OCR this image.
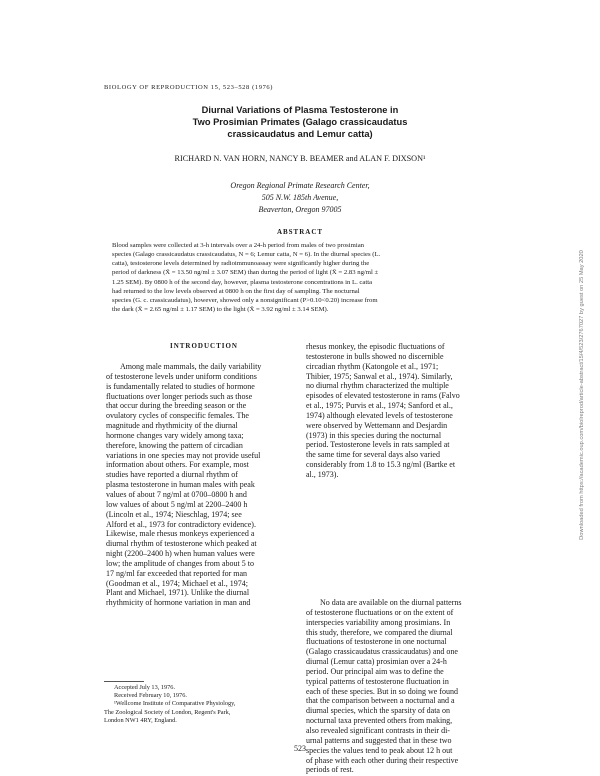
BIOLOGY OF REPRODUCTION 15, 523–528 (1976)
Diurnal Variations of Plasma Testosterone in
Two Prosimian Primates (Galago crassicaudatus
crassicaudatus and Lemur catta)
RICHARD N. VAN HORN, NANCY B. BEAMER and ALAN F. DIXSON¹
Oregon Regional Primate Research Center,
505 N.W. 185th Avenue,
Beaverton, Oregon 97005
ABSTRACT
Blood samples were collected at 3-h intervals over a 24-h period from males of two prosimian
species (Galago crassicaudatus crassicaudatus, N = 6; Lemur catta, N = 6). In the diurnal species (L.
catta), testosterone levels determined by radioimmunoassay were significantly higher during the
period of darkness (X̄ = 13.50 ng/ml ± 3.07 SEM) than during the period of light (X̄ = 2.83 ng/ml ±
1.25 SEM). By 0800 h of the second day, however, plasma testosterone concentrations in L. catta
had returned to the low levels observed at 0800 h on the first day of sampling. The nocturnal
species (G. c. crassicaudatus), however, showed only a nonsignificant (P>0.10<0.20) increase from
the dark (X̄ = 2.65 ng/ml ± 1.17 SEM) to the light (X̄ = 3.92 ng/ml ± 3.14 SEM).
INTRODUCTION
Among male mammals, the daily variability
of testosterone levels under uniform conditions
is fundamentally related to studies of hormone
fluctuations over longer periods such as those
that occur during the breeding season or the
ovulatory cycles of conspecific females. The
magnitude and rhythmicity of the diurnal
hormone changes vary widely among taxa;
therefore, knowing the pattern of circadian
variations in one species may not provide useful
information about others. For example, most
studies have reported a diurnal rhythm of
plasma testosterone in human males with peak
values of about 7 ng/ml at 0700–0800 h and
low values of about 5 ng/ml at 2200–2400 h
(Lincoln et al., 1974; Nieschlag, 1974; see
Alford et al., 1973 for contradictory evidence).
Likewise, male rhesus monkeys experienced a
diurnal rhythm of testosterone which peaked at
night (2200–2400 h) when human values were
low; the amplitude of changes from about 5 to
17 ng/ml far exceeded that reported for man
(Goodman et al., 1974; Michael et al., 1974;
Plant and Michael, 1971). Unlike the diurnal
rhythmicity of hormone variation in man and
rhesus monkey, the episodic fluctuations of
testosterone in bulls showed no discernible
circadian rhythm (Katongole et al., 1971;
Thibier, 1975; Sanwal et al., 1974). Similarly,
no diurnal rhythm characterized the multiple
episodes of elevated testosterone in rams (Falvo
et al., 1975; Purvis et al., 1974; Sanford et al.,
1974) although elevated levels of testosterone
were observed by Wettemann and Desjardin
(1973) in this species during the nocturnal
period. Testosterone levels in rats sampled at
the same time for several days also varied
considerably from 1.8 to 15.3 ng/ml (Bartke et
al., 1973).
No data are available on the diurnal patterns
of testosterone fluctuations or on the extent of
interspecies variability among prosimians. In
this study, therefore, we compared the diurnal
fluctuations of testosterone in one nocturnal
(Galago crassicaudatus crassicaudatus) and one
diurnal (Lemur catta) prosimian over a 24-h
period. Our principal aim was to define the
typical patterns of testosterone fluctuation in
each of these species. But in so doing we found
that the comparison between a nocturnal and a
diurnal species, which the sparsity of data on
nocturnal taxa prevented others from making,
also revealed significant contrasts in their di-
urnal patterns and suggested that in these two
species the values tend to peak about 12 h out
of phase with each other during their respective
periods of rest.
Accepted July 13, 1976.
Received February 10, 1976.
¹Wellcome Institute of Comparative Physiology,
The Zoological Society of London, Regent's Park,
London NW1 4RY, England.
523
Downloaded from https://academic.oup.com/biolreprod/article-abstract/15/4/523/2767027 by guest on 25 May 2020
